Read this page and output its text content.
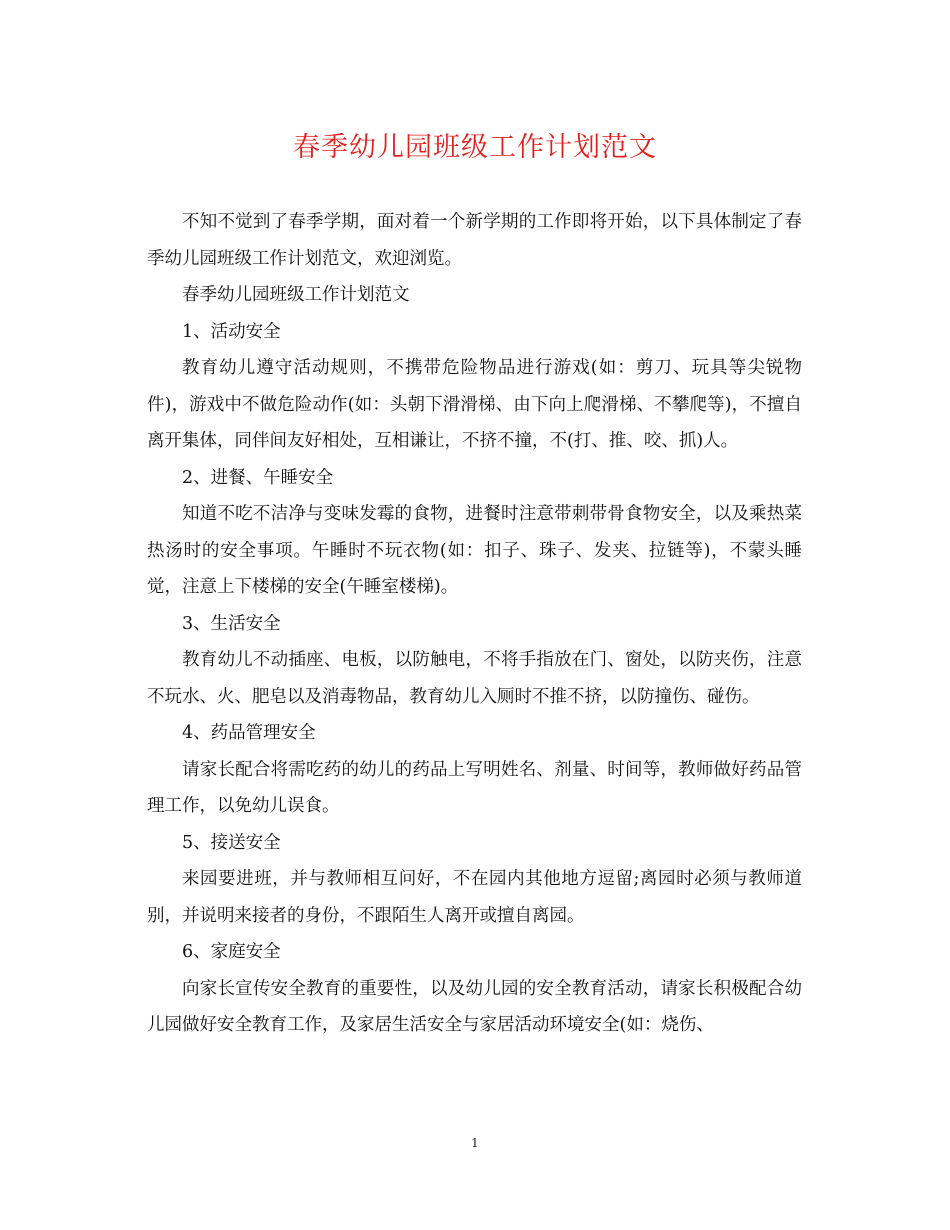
春季幼儿园班级工作计划范文

不知不觉到了春季学期，面对着一个新学期的工作即将开始，以下具体制定了春季幼儿园班级工作计划范文，欢迎浏览。

春季幼儿园班级工作计划范文

1、活动安全

教育幼儿遵守活动规则，不携带危险物品进行游戏(如：剪刀、玩具等尖锐物件)，游戏中不做危险动作(如：头朝下滑滑梯、由下向上爬滑梯、不攀爬等)，不擅自离开集体，同伴间友好相处，互相谦让，不挤不撞，不(打、推、咬、抓)人。

2、进餐、午睡安全

知道不吃不洁净与变味发霉的食物，进餐时注意带刺带骨食物安全，以及乘热菜热汤时的安全事项。午睡时不玩衣物(如：扣子、珠子、发夹、拉链等)，不蒙头睡觉，注意上下楼梯的安全(午睡室楼梯)。

3、生活安全

教育幼儿不动插座、电板，以防触电，不将手指放在门、窗处，以防夹伤，注意不玩水、火、肥皂以及消毒物品，教育幼儿入厕时不推不挤，以防撞伤、碰伤。

4、药品管理安全

请家长配合将需吃药的幼儿的药品上写明姓名、剂量、时间等，教师做好药品管理工作，以免幼儿误食。

5、接送安全

来园要进班，并与教师相互问好，不在园内其他地方逗留;离园时必须与教师道别，并说明来接者的身份，不跟陌生人离开或擅自离园。

6、家庭安全

向家长宣传安全教育的重要性，以及幼儿园的安全教育活动，请家长积极配合幼儿园做好安全教育工作，及家居生活安全与家居活动环境安全(如：烧伤、

1
